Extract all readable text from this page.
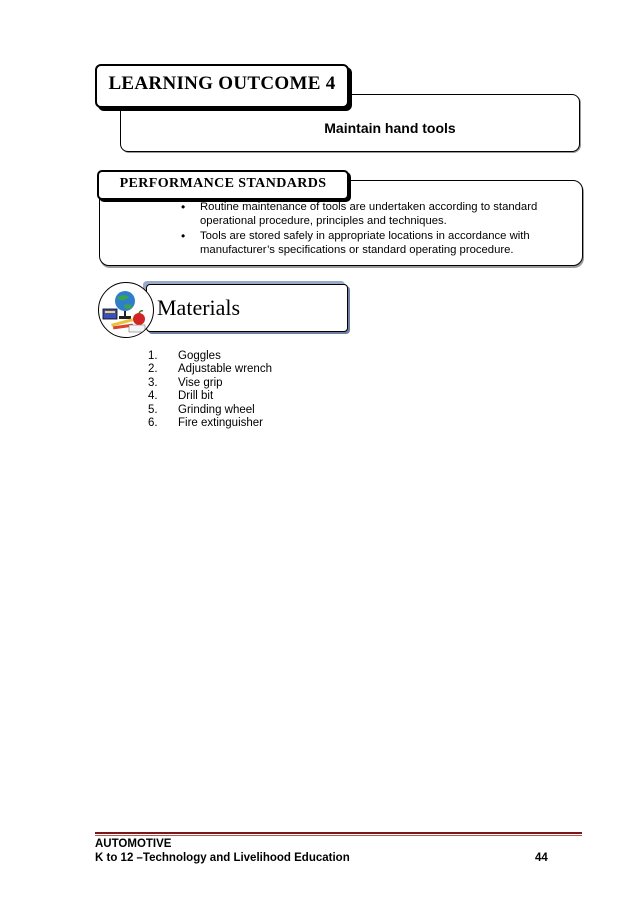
Maintain hand tools
LEARNING OUTCOME 4
PERFORMANCE STANDARDS
• Routine maintenance of tools are undertaken according to standard operational procedure, principles and techniques.
• Tools are stored safely in appropriate locations in accordance with manufacturer’s specifications or standard operating procedure.
Materials
1. Goggles
2. Adjustable wrench
3. Vise grip
4. Drill bit
5. Grinding wheel
6. Fire extinguisher
AUTOMOTIVE
K to 12 –Technology and Livelihood Education	44
